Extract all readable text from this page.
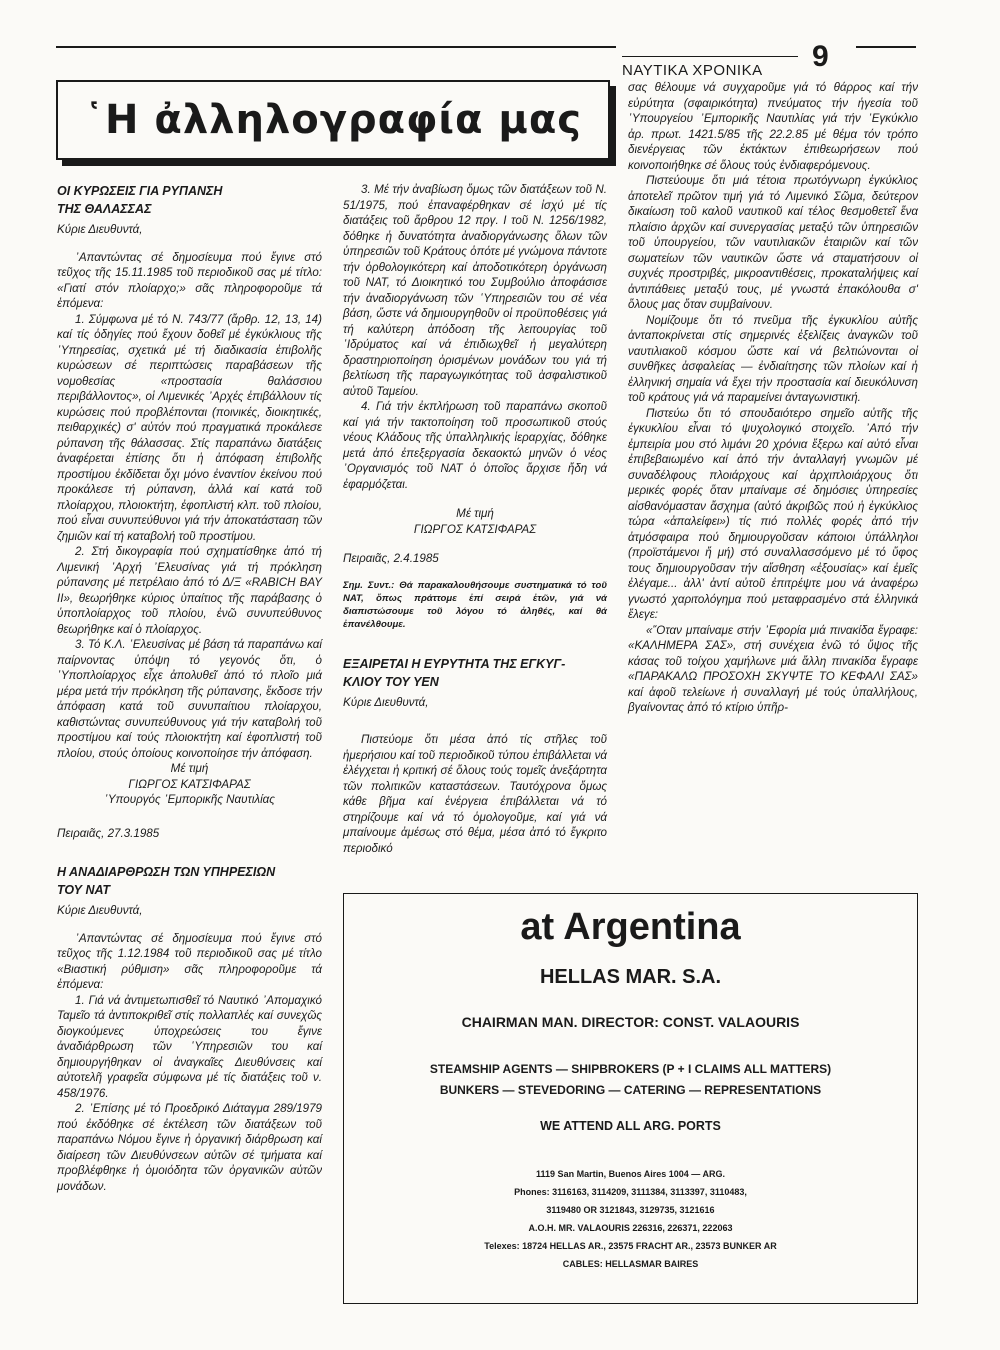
ΝΑΥΤΙΚΑ ΧΡΟΝΙΚΑ 9
῾Η ἀλληλογραφία μας
ΟΙ ΚΥΡΩΣΕΙΣ ΓΙΑ ΡΥΠΑΝΣΗ
ΤΗΣ ΘΑΛΑΣΣΑΣ

Κύριε Διευθυντά,

᾿Απαντώντας σέ δημοσίευμα πού ἔγινε στό τεῦχος τῆς 15.11.1985 τοῦ περιοδικοῦ σας μέ τίτλο: «Γιατί στόν πλοίαρχο;» σᾶς πληροφοροῦμε τά ἑπόμενα:

1. Σύμφωνα μέ τό Ν. 743/77 (ἄρθρ. 12, 13, 14) καί τίς ὁδηγίες πού ἔχουν δοθεῖ μέ ἐγκύκλιους τῆς ῾Υπηρεσίας, σχετικά μέ τή διαδικασία ἐπιβολῆς κυρώσεων σέ περιπτώσεις παραβάσεων τῆς νομοθεσίας «προστασία θαλάσσιου περιβάλλοντος», οἱ Λιμενικές ᾿Αρχές ἐπιβάλλουν τίς κυρώσεις πού προβλέπονται (ποινικές, διοικητικές, πειθαρχικές) σ' αὐτόν πού πραγματικά προκάλεσε ρύπανση τῆς θάλασσας. Στίς παραπάνω διατάξεις ἀναφέρεται ἐπίσης ὅτι ἡ ἀπόφαση ἐπιβολῆς προστίμου ἐκδίδεται ὄχι μόνο ἐναντίον ἐκείνου πού προκάλεσε τή ρύπανση, ἀλλά καί κατά τοῦ πλοίαρχου, πλοιοκτήτη, ἐφοπλιστή κλπ. τοῦ πλοίου, πού εἶναι συνυπεύθυνοι γιά τήν ἀποκατάσταση τῶν ζημιῶν καί τή καταβολή τοῦ προστίμου.

2. Στή δικογραφία πού σχηματίσθηκε ἀπό τή Λιμενική ᾿Αρχή ᾿Ελευσίνας γιά τή πρόκληση ρύπανσης μέ πετρέλαιο ἀπό τό Δ/Ξ «RABICH BAY II», θεωρήθηκε κύριος ὑπαίτιος τῆς παράβασης ὁ ὑποπλοίαρχος τοῦ πλοίου, ἐνῶ συνυπεύθυνος θεωρήθηκε καί ὁ πλοίαρχος.

3. Τό Κ.Λ. ᾿Ελευσίνας μέ βάση τά παραπάνω καί παίρνοντας ὑπόψη τό γεγονός ὅτι, ὁ ῾Υποπλοίαρχος εἶχε ἀπολυθεῖ ἀπό τό πλοῖο μιά μέρα μετά τήν πρόκληση τῆς ρύπανσης, ἔκδοσε τήν ἀπόφαση κατά τοῦ συνυπαίτιου πλοίαρχου, καθιστώντας συνυπεύθυνους γιά τήν καταβολή τοῦ προστίμου καί τούς πλοιοκτήτη καί ἐφοπλιστή τοῦ πλοίου, στούς ὁποίους κοινοποίησε τήν ἀπόφαση.

Μέ τιμή

ΓΙΩΡΓΟΣ ΚΑΤΣΙΦΑΡΑΣ

῾Υπουργός ᾿Εμπορικῆς Ναυτιλίας

Πειραιᾶς, 27.3.1985

Η ΑΝΑΔΙΑΡΘΡΩΣΗ ΤΩΝ ΥΠΗΡΕΣΙΩΝ
ΤΟΥ ΝΑΤ

Κύριε Διευθυντά,

᾿Απαντώντας σέ δημοσίευμα πού ἔγινε στό τεῦχος τῆς 1.12.1984 τοῦ περιοδικοῦ σας μέ τίτλο «Βιαστική ρύθμιση» σᾶς πληροφοροῦμε τά ἑπόμενα:

1. Γιά νά ἀντιμετωπισθεῖ τό Ναυτικό ᾿Απομαχικό Ταμεῖο τά ἀντιποκριθεῖ στίς πολλαπλές καί συνεχῶς διογκούμενες ὑποχρεώσεις του ἔγινε ἀναδιάρθρωση τῶν ῾Υπηρεσιῶν του καί δημιουργήθηκαν οἱ ἀναγκαῖες Διευθύνσεις καί αὐτοτελῆ γραφεῖα σύμφωνα μέ τίς διατάξεις τοῦ ν. 458/1976.

2. ᾿Επίσης μέ τό Προεδρικό Διάταγμα 289/1979 πού ἐκδόθηκε σέ ἐκτέλεση τῶν διατάξεων τοῦ παραπάνω Νόμου ἔγινε ἡ ὀργανική διάρθρωση καί διαίρεση τῶν Διευθύνσεων αὐτῶν σέ τμήματα καί προβλέφθηκε ἡ ὁμοιόδητα τῶν ὀργανικῶν αὐτῶν μονάδων.

3. Μέ τήν ἀναβίωση ὅμως τῶν διατάξεων τοῦ Ν. 51/1975, πού ἐπαναφέρθηκαν σέ ἰσχύ μέ τίς διατάξεις τοῦ ἄρθρου 12 πργ. I τοῦ Ν. 1256/1982, δόθηκε ἡ δυνατότητα ἀναδιοργάνωσης ὅλων τῶν ὑπηρεσιῶν τοῦ Κράτους ὁπότε μέ γνώμονα πάντοτε τήν ὀρθολογικότερη καί ἀποδοτικότερη ὀργάνωση τοῦ ΝΑΤ, τό Διοικητικό του Συμβούλιο ἀποφάσισε τήν ἀναδιοργάνωση τῶν ῾Υπηρεσιῶν του σέ νέα βάση, ὥστε νά δημιουργηθοῦν οἱ προϋποθέσεις γιά τή καλύτερη ἀπόδοση τῆς λειτουργίας τοῦ ῾Ιδρύματος καί νά ἐπιδιωχθεῖ ἡ μεγαλύτερη δραστηριοποίηση ὁρισμένων μονάδων του γιά τή βελτίωση τῆς παραγωγικότητας τοῦ ἀσφαλιστικοῦ αὐτοῦ Ταμείου.

4. Γιά τήν ἐκπλήρωση τοῦ παραπάνω σκοποῦ καί γιά τήν τακτοποίηση τοῦ προσωπικοῦ στούς νέους Κλάδους τῆς ὑπαλληλικής ἱεραρχίας, δόθηκε μετά ἀπό ἐπεξεργασία δεκαοκτώ μηνῶν ὁ νέος ᾿Οργανισμός τοῦ ΝΑΤ ὁ ὁποῖος ἄρχισε ἤδη νά ἐφαρμόζεται.

Μέ τιμή

ΓΙΩΡΓΟΣ ΚΑΤΣΙΦΑΡΑΣ

Πειραιᾶς, 2.4.1985

Σημ. Συντ.: Θά παρακαλουθήσουμε συστηματικά τό τοῦ ΝΑΤ, ὅπως πράττομε ἐπί σειρά ἐτῶν, γιά νά διαπιστώσουμε τοῦ λόγου τό ἀληθές, καί θά ἐπανέλθουμε.

ΕΞΑΙΡΕΤΑΙ Η ΕΥΡΥΤΗΤΑ ΤΗΣ ΕΓΚΥΓ-
ΚΛΙΟΥ ΤΟΥ ΥΕΝ

Κύριε Διευθυντά,

Πιστεύομε ὅτι μέσα ἀπό τίς στῆλες τοῦ ἡμερήσιου καί τοῦ περιοδικοῦ τύπου ἐπιβάλλεται νά ἐλέγχεται ἡ κριτική σέ ὅλους τούς τομεῖς ἀνεξάρτητα τῶν πολιτικῶν καταστάσεων. Ταυτόχρονα ὅμως κάθε βῆμα καί ἐνέργεια ἐπιβάλλεται νά τό στηρίζουμε καί νά τό ὁμολογοῦμε, καί γιά νά μπαίνουμε ἀμέσως στό θέμα, μέσα ἀπό τό ἔγκριτο περιοδικό

σας θέλουμε νά συγχαροῦμε γιά τό θάρρος καί τήν εὐρύτητα (σφαιρικότητα) πνεύματος τήν ἡγεσία τοῦ ῾Υπουργείου ᾿Εμπορικῆς Ναυτιλίας γιά τήν ᾿Εγκύκλιο ἀρ. πρωτ. 1421.5/85 τῆς 22.2.85 μέ θέμα τόν τρόπο διενέργειας τῶν ἐκτάκτων ἐπιθεωρήσεων πού κοινοποιήθηκε σέ ὅλους τούς ἐνδιαφερόμενους.

Πιστεύουμε ὅτι μιά τέτοια πρωτόγνωρη ἐγκύκλιος ἀποτελεῖ πρῶτον τιμή γιά τό Λιμενικό Σῶμα, δεύτερον δικαίωση τοῦ καλοῦ ναυτικοῦ καί τέλος θεσμοθετεῖ ἕνα πλαίσιο ἀρχῶν καί συνεργασίας μεταξύ τῶν ὑπηρεσιῶν τοῦ ὑπουργείου, τῶν ναυτιλιακῶν ἑταιριῶν καί τῶν σωματείων τῶν ναυτικῶν ὥστε νά σταματήσουν οἱ συχνές προστριβές, μικροαντιθέσεις, προκαταλήψεις καί ἀντιπάθειες μεταξύ τους, μέ γνωστά ἐπακόλουθα σ' ὅλους μας ὅταν συμβαίνουν.

Νομίζουμε ὅτι τό πνεῦμα τῆς ἐγκυκλίου αὐτῆς ἀνταποκρίνεται στίς σημερινές ἐξελίξεις ἀναγκῶν τοῦ ναυτιλιακοῦ κόσμου ὥστε καί νά βελτιώνονται οἱ συνθῆκες ἀσφαλείας — ἐνδιαίτησης τῶν πλοίων καί ἡ ἑλληνική σημαία νά ἔχει τήν προστασία καί διευκόλυνση τοῦ κράτους γιά νά παραμείνει ἀνταγωνιστική.

Πιστεύω ὅτι τό σπουδαιότερο σημεῖο αὐτῆς τῆς ἐγκυκλίου εἶναι τό ψυχολογικό στοιχεῖο. ᾿Από τήν ἐμπειρία μου στό λιμάνι 20 χρόνια ἔξερω καί αὐτό εἶναι ἐπιβεβαιωμένο καί ἀπό τήν ἀνταλλαγή γνωμῶν μέ συναδέλφους πλοιάρχους καί ἀρχιπλοιάρχους ὅτι μερικές φορές ὅταν μπαίναμε σέ δημόσιες ὑπηρεσίες αἰσθανόμασταν ἄσχημα (αὐτό ἀκριβῶς πού ἡ ἐγκύκλιος τώρα «ἀπαλείφει») τίς πιό πολλές φορές ἀπό τήν ἀτμόσφαιρα πού δημιουργοῦσαν κάποιοι ὑπάλληλοι (προϊστάμενοι ἤ μή) στό συναλλασσόμενο μέ τό ὕφος τους δημιουργοῦσαν τήν αἴσθηση «ἐξουσίας» καί ἐμεῖς ἐλέγαμε... ἀλλ' ἀντί αὐτοῦ ἐπιτρέψτε μου νά ἀναφέρω γνωστό χαριτολόγημα πού μεταφρασμένο στά ἑλληνικά ἔλεγε:

«῞Οταν μπαίναμε στήν ᾿Εφορία μιά πινακίδα ἔγραφε: «ΚΑΛΗΜΕΡΑ ΣΑΣ», στή συνέχεια ἐνῶ τό ὕψος τῆς κάσας τοῦ τοίχου χαμήλωνε μιά ἄλλη πινακίδα ἔγραφε «ΠΑΡΑΚΑΛΩ ΠΡΟΣΟΧΗ ΣΚΥΨΤΕ ΤΟ ΚΕΦΑΛΙ ΣΑΣ» καί ἀφοῦ τελείωνε ἡ συναλλαγή μέ τούς ὑπαλλήλους, βγαίνοντας ἀπό τό κτίριο ὑπῆρ-

at Argentina
HELLAS MAR. S.A.
CHAIRMAN MAN. DIRECTOR: CONST. VALAOURIS
STEAMSHIP AGENTS — SHIPBROKERS (P + I CLAIMS ALL MATTERS)
BUNKERS — STEVEDORING — CATERING — REPRESENTATIONS
WE ATTEND ALL ARG. PORTS
1119 San Martin, Buenos Aires 1004 — ARG.
Phones: 3116163, 3114209, 3111384, 3113397, 3110483,
3119480 OR 3121843, 3129735, 3121616
A.O.H. MR. VALAOURIS 226316, 226371, 222063
Telexes: 18724 HELLAS AR., 23575 FRACHT AR., 23573 BUNKER AR
CABLES: HELLASMAR BAIRES
